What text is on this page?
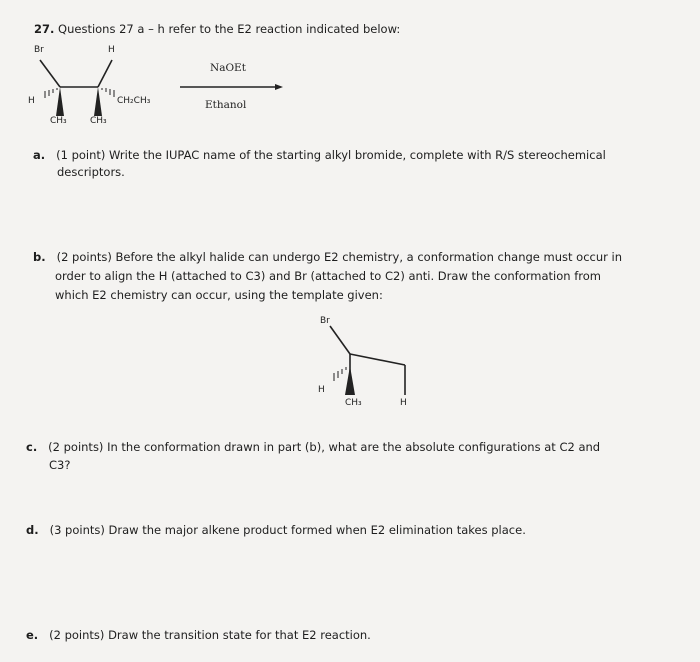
27. Questions 27 a – h refer to the E2 reaction indicated below:
Br	H
H	CH₂CH₃
CH₃	CH₃
NaOEt
Ethanol
a. (1 point) Write the IUPAC name of the starting alkyl bromide, complete with R/S stereochemical
descriptors.
b. (2 points) Before the alkyl halide can undergo E2 chemistry, a conformation change must occur in
order to align the H (attached to C3) and Br (attached to C2) anti. Draw the conformation from
which E2 chemistry can occur, using the template given:
Br
H
CH₃	H
c. (2 points) In the conformation drawn in part (b), what are the absolute configurations at C2 and
C3?
d. (3 points) Draw the major alkene product formed when E2 elimination takes place.
e. (2 points) Draw the transition state for that E2 reaction.
